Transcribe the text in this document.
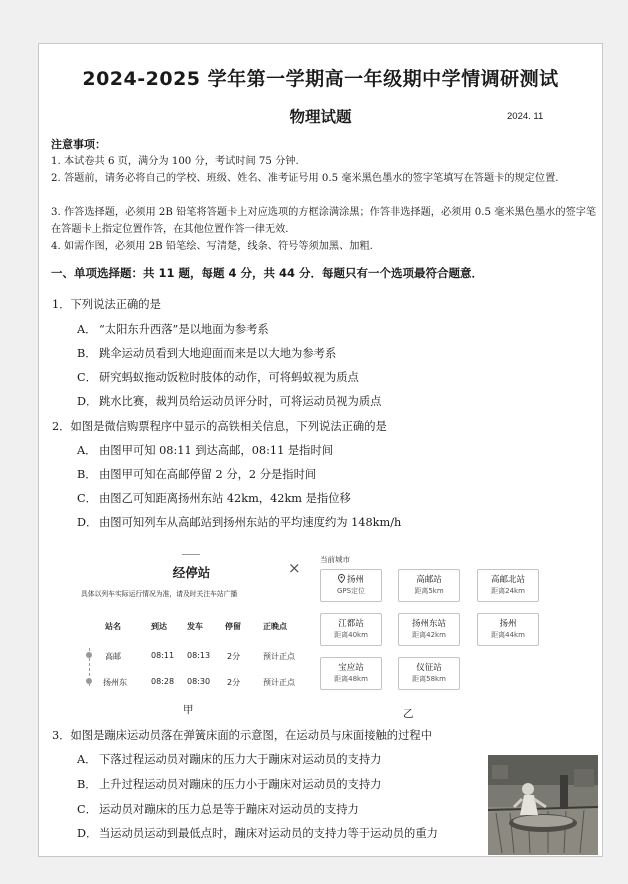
2024-2025 学年第一学期高一年级期中学情调研测试
物理试题	2024. 11
注意事项：
1. 本试卷共 6 页，满分为 100 分，考试时间 75 分钟.
2. 答题前，请务必将自己的学校、班级、姓名、准考证号用 0.5 毫米黑色墨水的签字笔填写在答题卡的规定位置.
3. 作答选择题，必须用 2B 铅笔将答题卡上对应选项的方框涂满涂黑；作答非选择题，必须用 0.5 毫米黑色墨水的签字笔在答题卡上指定位置作答，在其他位置作答一律无效.
4. 如需作图，必须用 2B 铅笔绘、写清楚，线条、符号等须加黑、加粗.
一、单项选择题：共 11 题，每题 4 分，共 44 分．每题只有一个选项最符合题意．
1．下列说法正确的是
A． “太阳东升西落”是以地面为参考系
B． 跳伞运动员看到大地迎面而来是以大地为参考系
C． 研究蚂蚁拖动饭粒时肢体的动作，可将蚂蚁视为质点
D． 跳水比赛，裁判员给运动员评分时，可将运动员视为质点
2．如图是微信购票程序中显示的高铁相关信息，下列说法正确的是
A． 由图甲可知 08:11 到达高邮，08:11 是指时间
B． 由图甲可知在高邮停留 2 分，2 分是指时间
C． 由图乙可知距离扬州东站 42km，42km 是指位移
D． 由图可知列车从高邮站到扬州东站的平均速度约为 148km/h
经停站	×
具体以列车实际运行情况为准，请及时关注车站广播
站名	到达	发车	停留	正晚点
高邮	08:11 08:13 2分	预计正点
扬州东	08:28 08:30 2分	预计正点
甲
当前城市
扬州
GPS定位
高邮站
距离5km
高邮北站
距离24km
江都站
距离40km
扬州东站
距离42km
扬州
距离44km
宝应站
距离48km
仪征站
距离58km
乙
3．如图是蹦床运动员落在弹簧床面的示意图，在运动员与床面接触的过程中
A． 下落过程运动员对蹦床的压力大于蹦床对运动员的支持力
B． 上升过程运动员对蹦床的压力小于蹦床对运动员的支持力
C． 运动员对蹦床的压力总是等于蹦床对运动员的支持力
D． 当运动员运动到最低点时，蹦床对运动员的支持力等于运动员的重力
